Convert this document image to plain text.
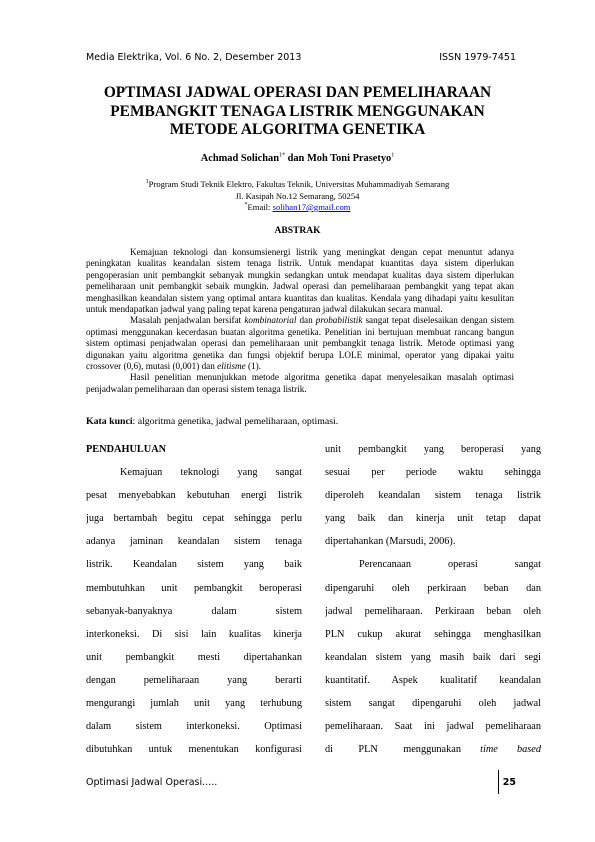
Media Elektrika, Vol. 6 No. 2, Desember 2013	ISSN 1979-7451
OPTIMASI JADWAL OPERASI DAN PEMELIHARAAN
PEMBANGKIT TENAGA LISTRIK MENGGUNAKAN
METODE ALGORITMA GENETIKA
Achmad Solichan$^{1*}$ dan Moh Toni Prasetyo$^1$
$^1$Program Studi Teknik Elektro, Fakultas Teknik, Universitas Muhammadiyah Semarang
Jl. Kasipah No.12 Semarang, 50254
*Email: solihan17@gmail.com
ABSTRAK

Kemajuan teknologi dan konsumsienergi listrik yang meningkat dengan cepat menuntut adanya peningkatan kualitas keandalan sistem tenaga listrik. Untuk mendapat kuantitas daya sistem diperlukan pengoperasian unit pembangkit sebanyak mungkin sedangkan untuk mendapat kualitas daya sistem diperlukan pemeliharaan unit pembangkit sebaik mungkin. Jadwal operasi dan pemeliharaan pembangkit yang tepat akan menghasilkan keandalan sistem yang optimal antara kuantitas dan kualitas. Kendala yang dihadapi yaitu kesulitan untuk mendapatkan jadwal yang paling tepat karena pengaturan jadwal dilakukan secara manual.

Masalah penjadwalan bersifat kombinatorial dan probabilistik sangat tepat diselesaikan dengan sistem optimasi menggunakan kecerdasan buatan algoritma genetika. Penelitian ini bertujuan membuat rancang bangun sistem optimasi penjadwalan operasi dan pemeliharaan unit pembangkit tenaga listrik. Metode optimasi yang digunakan yaitu algoritma genetika dan fungsi objektif berupa LOLE minimal, operator yang dipakai yaitu crossover (0,6), mutasi (0,001) dan elitisme (1).

Hasil penelitian menunjukkan metode algoritma genetika dapat menyelesaikan masalah optimasi penjadwalan pemeliharaan dan operasi sistem tenaga listrik.

Kata kunci: algoritma genetika, jadwal pemeliharaan, optimasi.
PENDAHULUAN
Kemajuan teknologi yang sangat
pesat menyebabkan kebutuhan energi listrik
juga bertambah begitu cepat sehingga perlu
adanya jaminan keandalan sistem tenaga
listrik. Keandalan sistem yang baik
membutuhkan unit pembangkit beroperasi
sebanyak-banyaknya dalam sistem
interkoneksi. Di sisi lain kualitas kinerja
unit pembangkit mesti dipertahankan
dengan pemeliharaan yang berarti
mengurangi jumlah unit yang terhubung
dalam sistem interkoneksi. Optimasi
dibutuhkan untuk menentukan konfigurasi
unit pembangkit yang beroperasi yang
sesuai per periode waktu sehingga
diperoleh keandalan sistem tenaga listrik
yang baik dan kinerja unit tetap dapat
dipertahankan (Marsudi, 2006).
Perencanaan operasi sangat
dipengaruhi oleh perkiraan beban dan
jadwal pemeliharaan. Perkiraan beban oleh
PLN cukup akurat sehingga menghasilkan
keandalan sistem yang masih baik dari segi
kuantitatif. Aspek kualitatif keandalan
sistem sangat dipengaruhi oleh jadwal
pemeliharaan. Saat ini jadwal pemeliharaan
di PLN menggunakan time based
Optimasi Jadwal Operasi.....	25
